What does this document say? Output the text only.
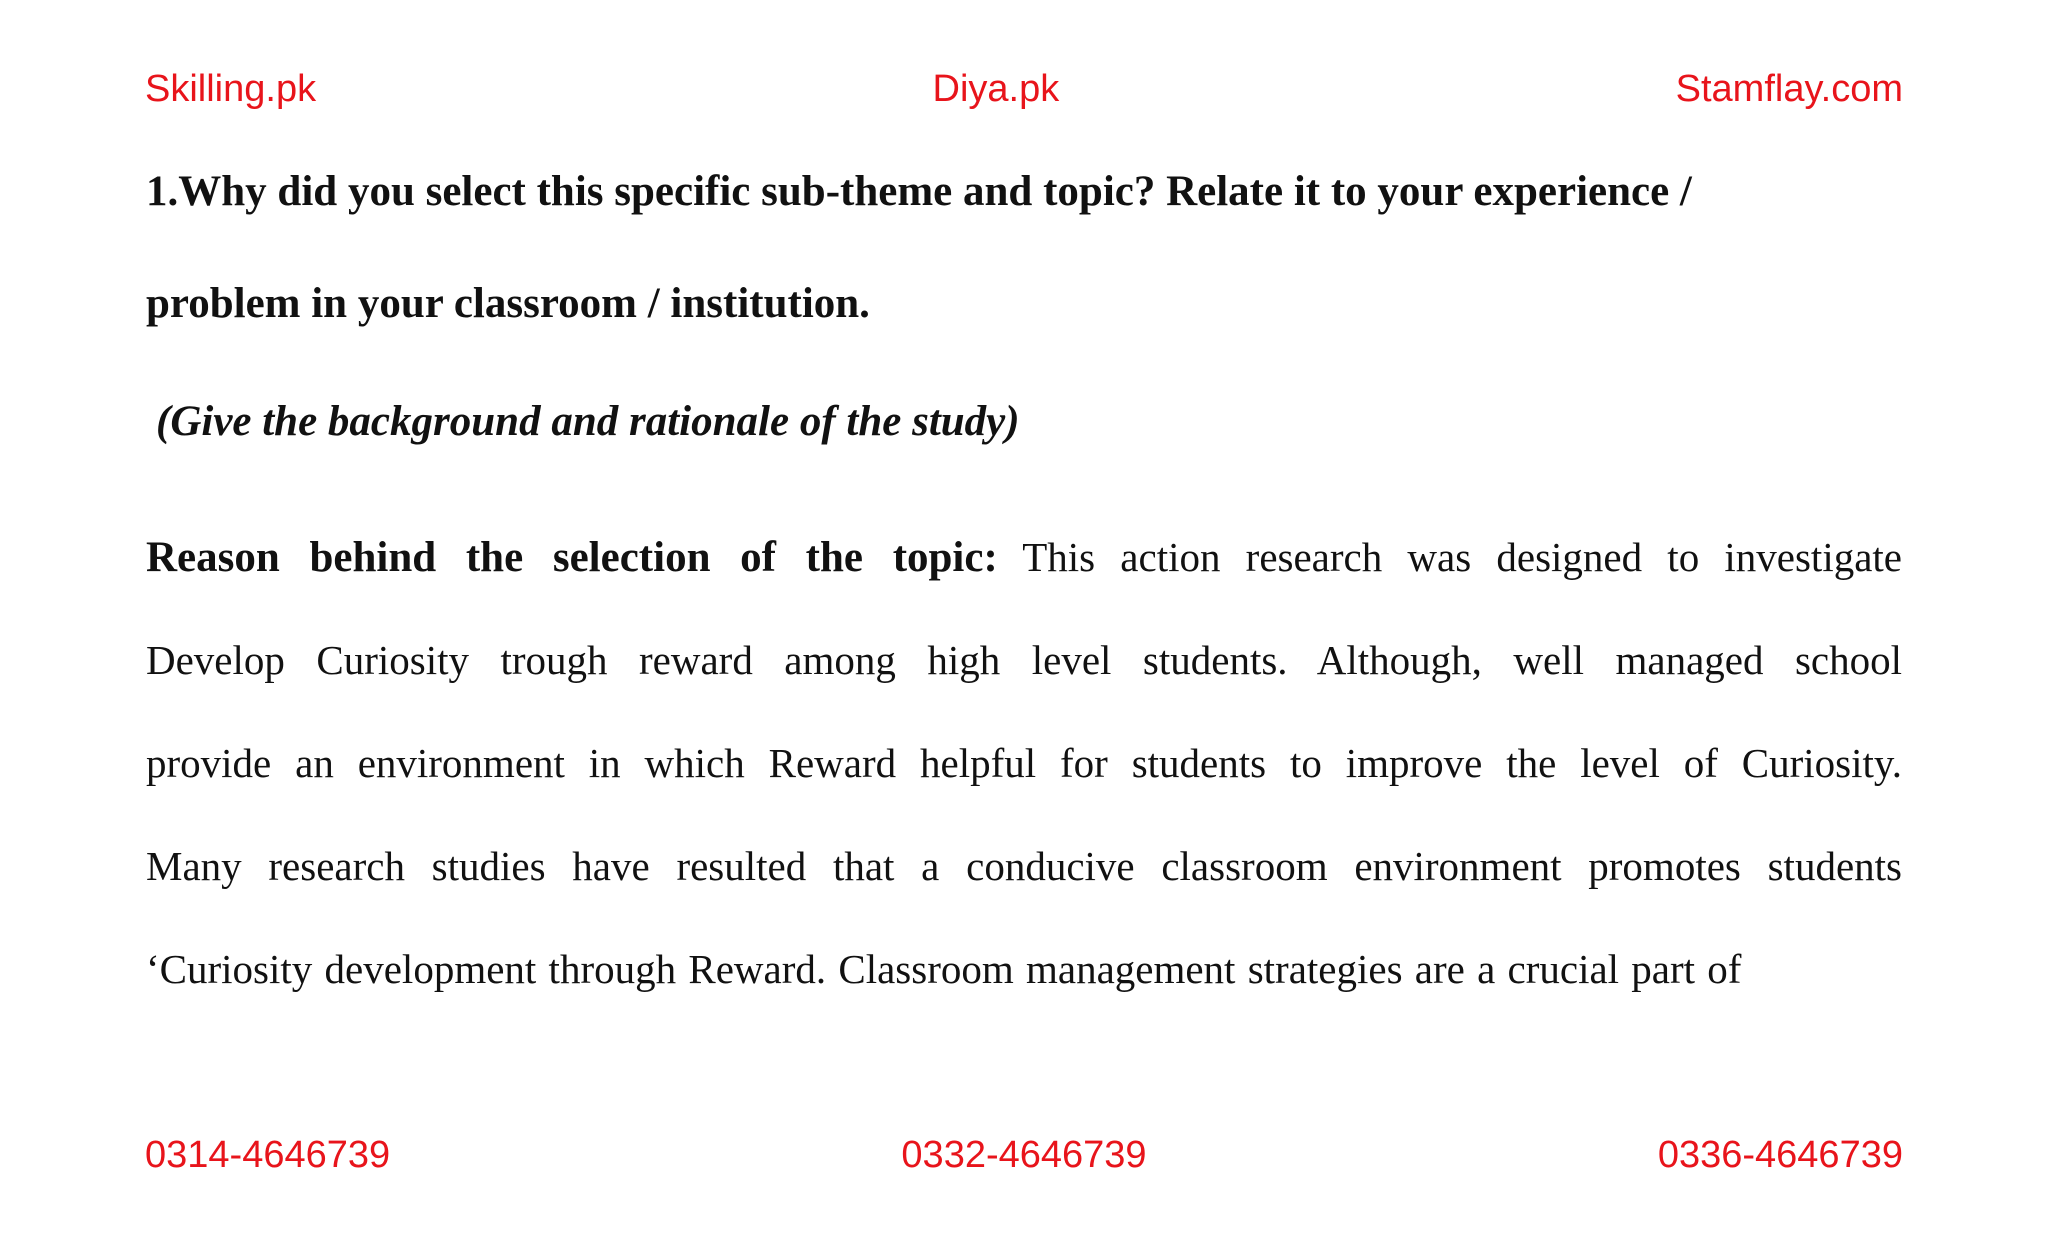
Skilling.pk	Diya.pk	Stamflay.com
1.Why did you select this specific sub-theme and topic? Relate it to your experience /
problem in your classroom / institution.
(Give the background and rationale of the study)
Reason behind the selection of the topic: This action research was designed to investigate
Develop Curiosity trough reward among high level students. Although, well managed school
provide an environment in which Reward helpful for students to improve the level of Curiosity.
Many research studies have resulted that a conducive classroom environment promotes students
‘Curiosity development through Reward. Classroom management strategies are a crucial part of
0314-4646739	0332-4646739	0336-4646739
